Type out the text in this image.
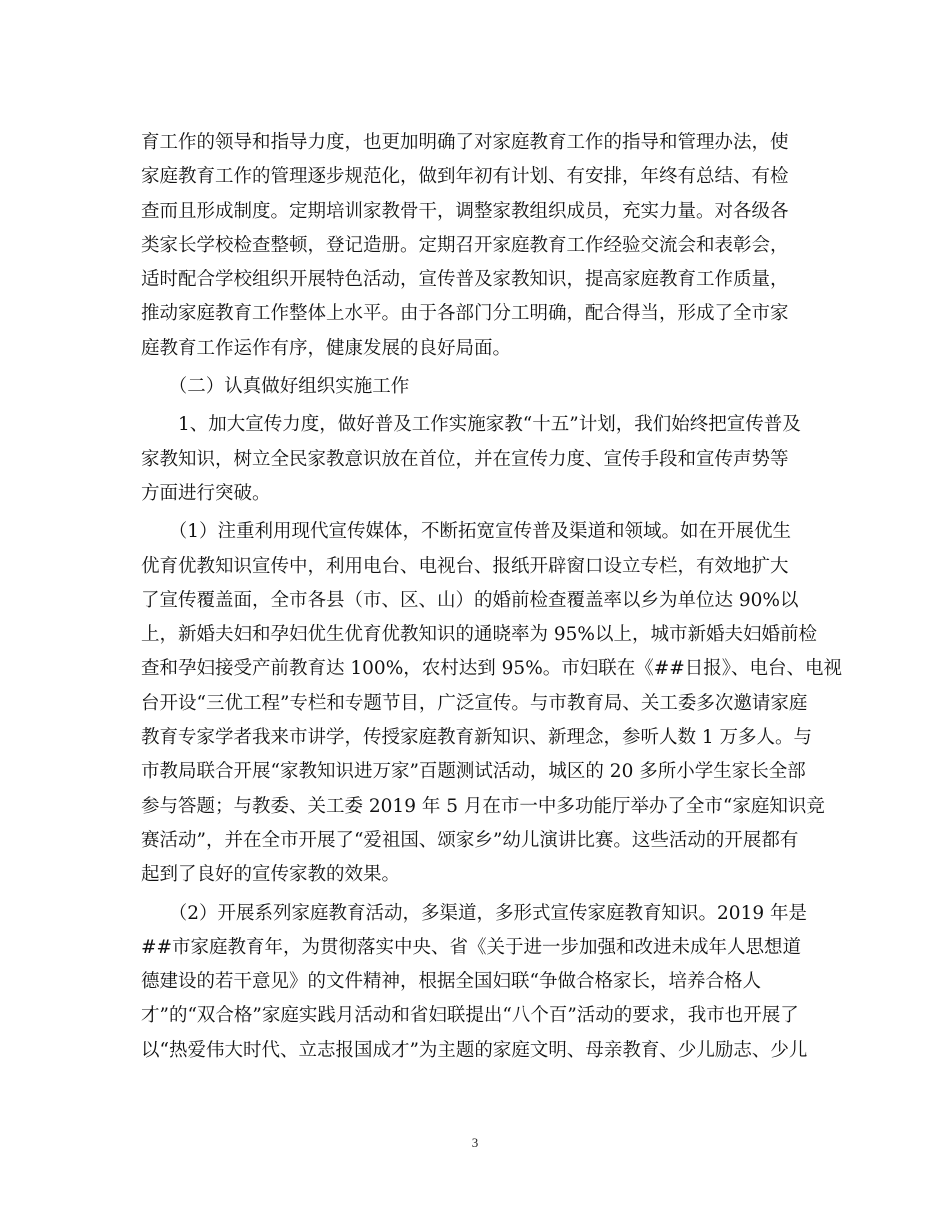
育工作的领导和指导力度，也更加明确了对家庭教育工作的指导和管理办法，使
家庭教育工作的管理逐步规范化，做到年初有计划、有安排，年终有总结、有检
查而且形成制度。定期培训家教骨干，调整家教组织成员，充实力量。对各级各
类家长学校检查整顿，登记造册。定期召开家庭教育工作经验交流会和表彰会，
适时配合学校组织开展特色活动，宣传普及家教知识，提高家庭教育工作质量，
推动家庭教育工作整体上水平。由于各部门分工明确，配合得当，形成了全市家
庭教育工作运作有序，健康发展的良好局面。
　　（二）认真做好组织实施工作
　　1、加大宣传力度，做好普及工作实施家教“十五”计划，我们始终把宣传普及
家教知识，树立全民家教意识放在首位，并在宣传力度、宣传手段和宣传声势等
方面进行突破。
　　（1）注重利用现代宣传媒体，不断拓宽宣传普及渠道和领域。如在开展优生
优育优教知识宣传中，利用电台、电视台、报纸开辟窗口设立专栏，有效地扩大
了宣传覆盖面，全市各县（市、区、山）的婚前检查覆盖率以乡为单位达 90%以
上，新婚夫妇和孕妇优生优育优教知识的通晓率为 95%以上，城市新婚夫妇婚前检
查和孕妇接受产前教育达 100%，农村达到 95%。市妇联在《##日报》、电台、电视
台开设“三优工程”专栏和专题节目，广泛宣传。与市教育局、关工委多次邀请家庭
教育专家学者我来市讲学，传授家庭教育新知识、新理念，参听人数 1 万多人。与
市教局联合开展“家教知识进万家”百题测试活动，城区的 20 多所小学生家长全部
参与答题；与教委、关工委 2019 年 5 月在市一中多功能厅举办了全市“家庭知识竞
赛活动”，并在全市开展了“爱祖国、颂家乡”幼儿演讲比赛。这些活动的开展都有
起到了良好的宣传家教的效果。
　　（2）开展系列家庭教育活动，多渠道，多形式宣传家庭教育知识。2019 年是
##市家庭教育年，为贯彻落实中央、省《关于进一步加强和改进未成年人思想道
德建设的若干意见》的文件精神，根据全国妇联“争做合格家长，培养合格人
才”的“双合格”家庭实践月活动和省妇联提出“八个百”活动的要求，我市也开展了
以“热爱伟大时代、立志报国成才”为主题的家庭文明、母亲教育、少儿励志、少儿
3
